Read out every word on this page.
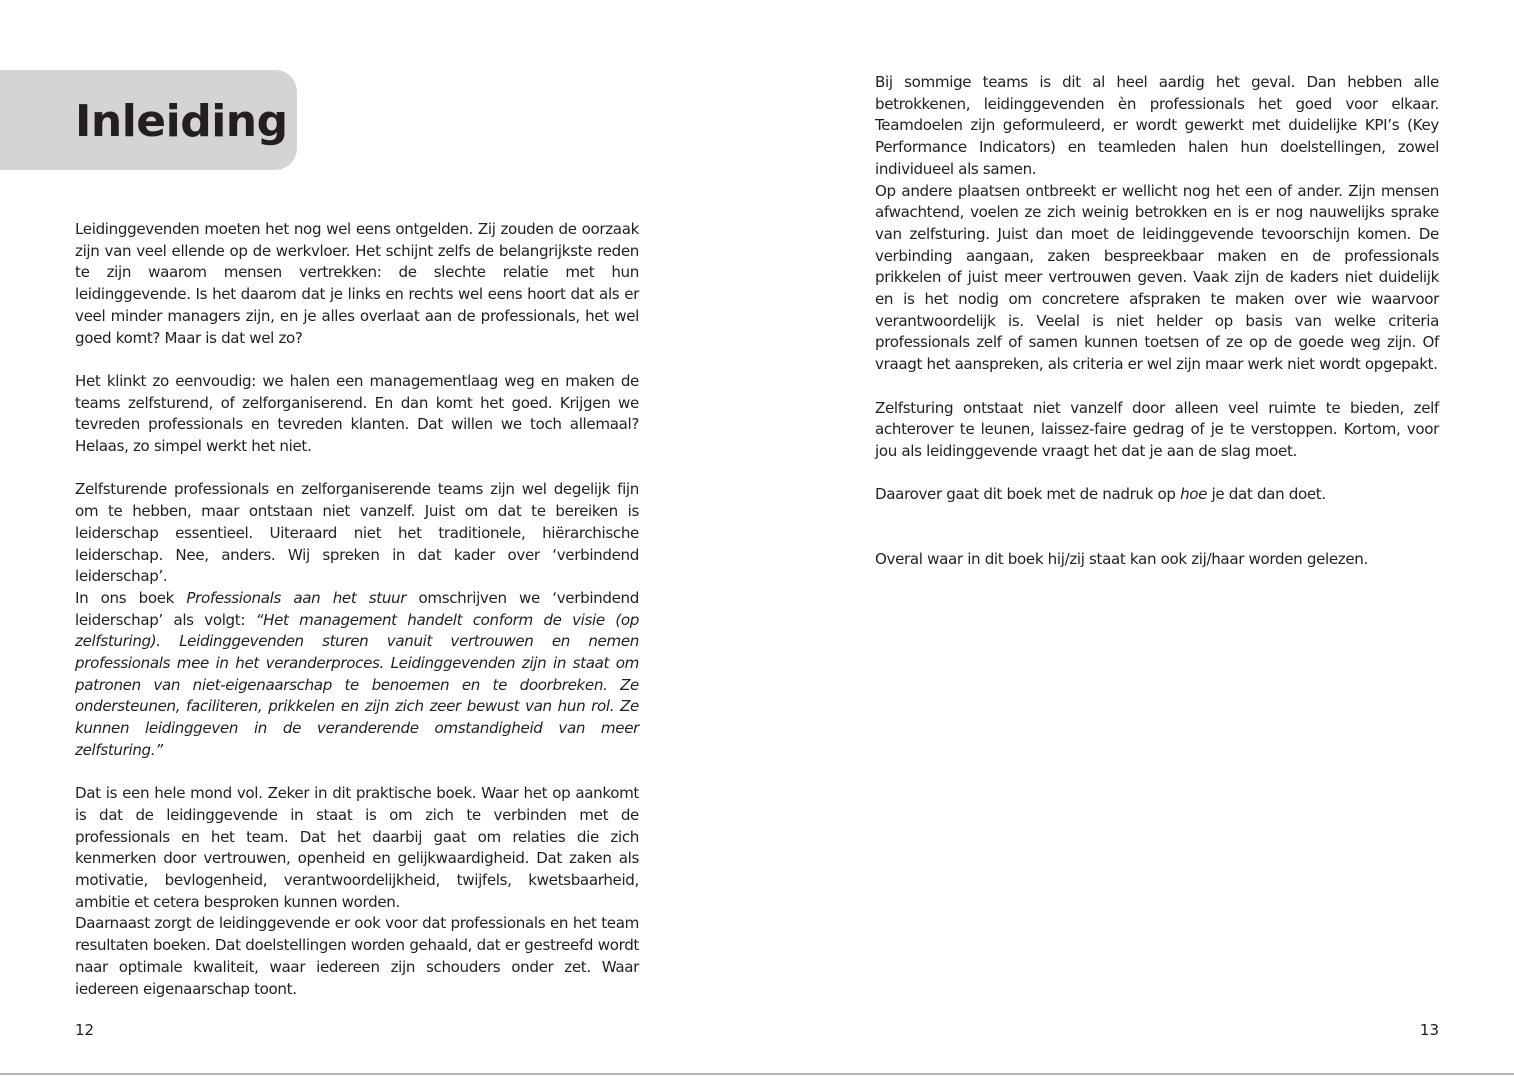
Inleiding

Leidinggevenden moeten het nog wel eens ontgelden. Zij zouden de oorzaak zijn van veel ellende op de werkvloer. Het schijnt zelfs de belangrijkste reden te zijn waarom mensen vertrekken: de slechte relatie met hun leidinggevende. Is het daarom dat je links en rechts wel eens hoort dat als er veel minder managers zijn, en je alles overlaat aan de professionals, het wel goed komt? Maar is dat wel zo?

Het klinkt zo eenvoudig: we halen een managementlaag weg en maken de teams zelfsturend, of zelforganiserend. En dan komt het goed. Krijgen we tevreden professionals en tevreden klanten. Dat willen we toch allemaal? Helaas, zo simpel werkt het niet.

Zelfsturende professionals en zelforganiserende teams zijn wel degelijk fijn om te hebben, maar ontstaan niet vanzelf. Juist om dat te bereiken is leiderschap essentieel. Uiteraard niet het traditionele, hiërarchische leiderschap. Nee, anders. Wij spreken in dat kader over ‘verbindend leiderschap’.

In ons boek Professionals aan het stuur omschrijven we ‘verbindend leiderschap’ als volgt: “Het management handelt conform de visie (op zelfsturing). Leidinggevenden sturen vanuit vertrouwen en nemen professionals mee in het veranderproces. Leidinggevenden zijn in staat om patronen van niet-eigenaarschap te benoemen en te doorbreken. Ze ondersteunen, faciliteren, prikkelen en zijn zich zeer bewust van hun rol. Ze kunnen leidinggeven in de veranderende omstandigheid van meer zelfsturing.”

Dat is een hele mond vol. Zeker in dit praktische boek. Waar het op aankomt is dat de leidinggevende in staat is om zich te verbinden met de professionals en het team. Dat het daarbij gaat om relaties die zich kenmerken door vertrouwen, openheid en gelijkwaardigheid. Dat zaken als motivatie, bevlogenheid, verantwoordelijkheid, twijfels, kwetsbaarheid, ambitie et cetera besproken kunnen worden.

Daarnaast zorgt de leidinggevende er ook voor dat professionals en het team resultaten boeken. Dat doelstellingen worden gehaald, dat er gestreefd wordt naar optimale kwaliteit, waar iedereen zijn schouders onder zet. Waar iedereen eigenaarschap toont.

Bij sommige teams is dit al heel aardig het geval. Dan hebben alle betrokkenen, leidinggevenden èn professionals het goed voor elkaar. Teamdoelen zijn geformuleerd, er wordt gewerkt met duidelijke KPI’s (Key Performance Indicators) en teamleden halen hun doelstellingen, zowel individueel als samen.

Op andere plaatsen ontbreekt er wellicht nog het een of ander. Zijn mensen afwachtend, voelen ze zich weinig betrokken en is er nog nauwelijks sprake van zelfsturing. Juist dan moet de leidinggevende tevoorschijn komen. De verbinding aangaan, zaken bespreekbaar maken en de professionals prikkelen of juist meer vertrouwen geven. Vaak zijn de kaders niet duidelijk en is het nodig om concretere afspraken te maken over wie waarvoor verantwoordelijk is. Veelal is niet helder op basis van welke criteria professionals zelf of samen kunnen toetsen of ze op de goede weg zijn. Of vraagt het aanspreken, als criteria er wel zijn maar werk niet wordt opgepakt.

Zelfsturing ontstaat niet vanzelf door alleen veel ruimte te bieden, zelf achterover te leunen, laissez-faire gedrag of je te verstoppen. Kortom, voor jou als leidinggevende vraagt het dat je aan de slag moet.

Daarover gaat dit boek met de nadruk op hoe je dat dan doet.

Overal waar in dit boek hij/zij staat kan ook zij/haar worden gelezen.

12	13
